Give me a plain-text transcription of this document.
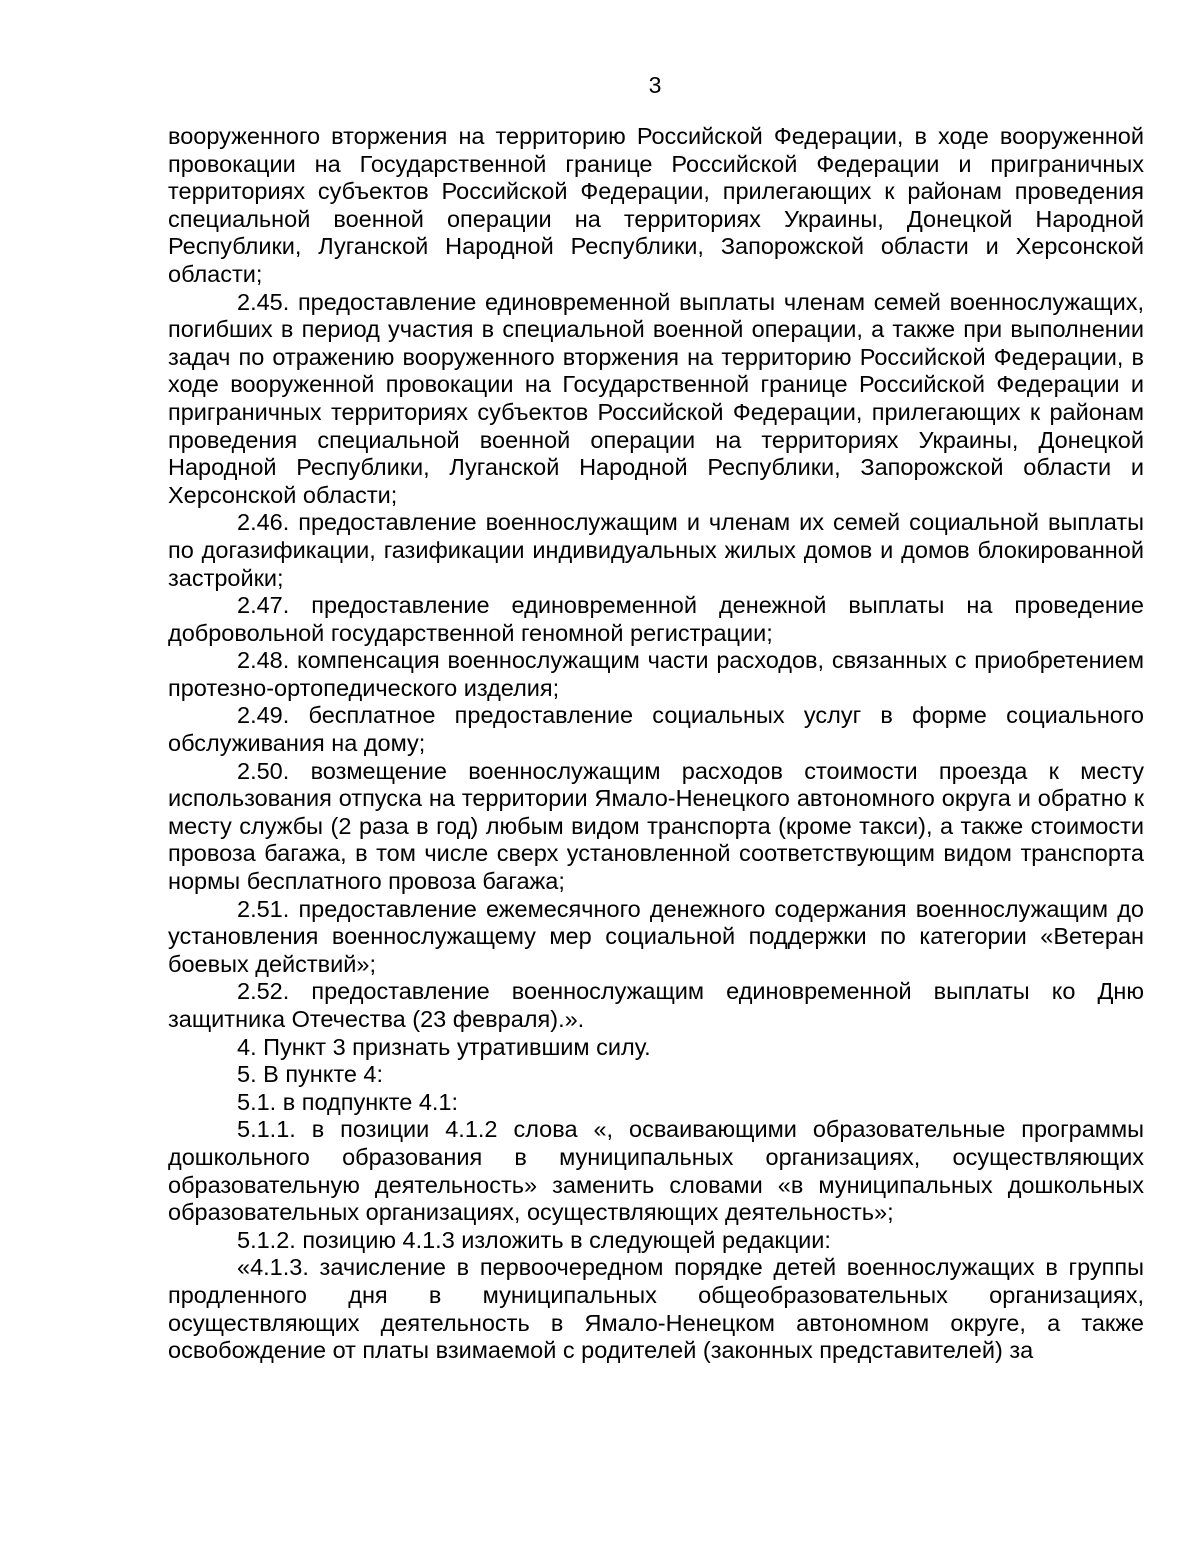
3

вооруженного вторжения на территорию Российской Федерации, в ходе вооруженной провокации на Государственной границе Российской Федерации и приграничных территориях субъектов Российской Федерации, прилегающих к районам проведения специальной военной операции на территориях Украины, Донецкой Народной Республики, Луганской Народной Республики, Запорожской области и Херсонской области;

2.45. предоставление единовременной выплаты членам семей военнослужащих, погибших в период участия в специальной военной операции, а также при выполнении задач по отражению вооруженного вторжения на территорию Российской Федерации, в ходе вооруженной провокации на Государственной границе Российской Федерации и приграничных территориях субъектов Российской Федерации, прилегающих к районам проведения специальной военной операции на территориях Украины, Донецкой Народной Республики, Луганской Народной Республики, Запорожской области и Херсонской области;

2.46. предоставление военнослужащим и членам их семей социальной выплаты по догазификации, газификации индивидуальных жилых домов и домов блокированной застройки;

2.47. предоставление единовременной денежной выплаты на проведение добровольной государственной геномной регистрации;

2.48. компенсация военнослужащим части расходов, связанных с приобретением протезно-ортопедического изделия;

2.49. бесплатное предоставление социальных услуг в форме социального обслуживания на дому;

2.50. возмещение военнослужащим расходов стоимости проезда к месту использования отпуска на территории Ямало-Ненецкого автономного округа и обратно к месту службы (2 раза в год) любым видом транспорта (кроме такси), а также стоимости провоза багажа, в том числе сверх установленной соответствующим видом транспорта нормы бесплатного провоза багажа;

2.51. предоставление ежемесячного денежного содержания военнослужащим до установления военнослужащему мер социальной поддержки по категории «Ветеран боевых действий»;

2.52. предоставление военнослужащим единовременной выплаты ко Дню защитника Отечества (23 февраля).».

4. Пункт 3 признать утратившим силу.

5. В пункте 4:

5.1. в подпункте 4.1:

5.1.1. в позиции 4.1.2 слова «, осваивающими образовательные программы дошкольного образования в муниципальных организациях, осуществляющих образовательную деятельность» заменить словами «в муниципальных дошкольных образовательных организациях, осуществляющих деятельность»;

5.1.2. позицию 4.1.3 изложить в следующей редакции:

«4.1.3. зачисление в первоочередном порядке детей военнослужащих в группы продленного дня в муниципальных общеобразовательных организациях, осуществляющих деятельность в Ямало-Ненецком автономном округе, а также освобождение от платы взимаемой с родителей (законных представителей) за
